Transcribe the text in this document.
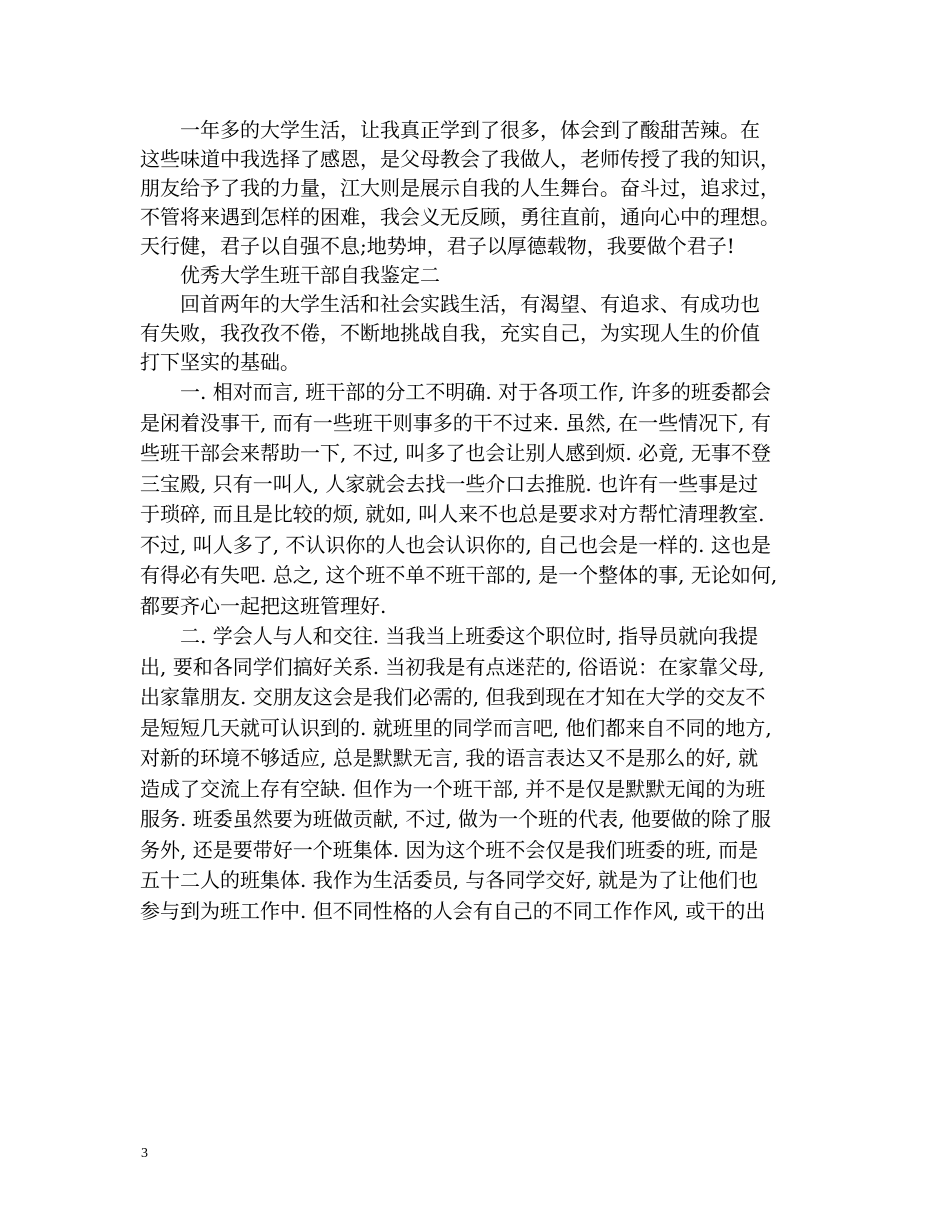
　　一年多的大学生活，让我真正学到了很多，体会到了酸甜苦辣。在
这些味道中我选择了感恩，是父母教会了我做人，老师传授了我的知识，
朋友给予了我的力量，江大则是展示自我的人生舞台。奋斗过，追求过，
不管将来遇到怎样的困难，我会义无反顾，勇往直前，通向心中的理想。
天行健，君子以自强不息;地势坤，君子以厚德载物，我要做个君子!
　　优秀大学生班干部自我鉴定二
　　回首两年的大学生活和社会实践生活，有渴望、有追求、有成功也
有失败，我孜孜不倦，不断地挑战自我，充实自己，为实现人生的价值
打下坚实的基础。
　　一. 相对而言, 班干部的分工不明确. 对于各项工作, 许多的班委都会
是闲着没事干, 而有一些班干则事多的干不过来. 虽然, 在一些情况下, 有
些班干部会来帮助一下, 不过, 叫多了也会让别人感到烦. 必竟, 无事不登
三宝殿, 只有一叫人, 人家就会去找一些介口去推脱. 也许有一些事是过
于琐碎, 而且是比较的烦, 就如, 叫人来不也总是要求对方帮忙清理教室.
不过, 叫人多了, 不认识你的人也会认识你的, 自己也会是一样的. 这也是
有得必有失吧. 总之, 这个班不单不班干部的, 是一个整体的事, 无论如何,
都要齐心一起把这班管理好.
　　二. 学会人与人和交往. 当我当上班委这个职位时, 指导员就向我提
出, 要和各同学们搞好关系. 当初我是有点迷茫的, 俗语说：在家靠父母,
出家靠朋友. 交朋友这会是我们必需的, 但我到现在才知在大学的交友不
是短短几天就可认识到的. 就班里的同学而言吧, 他们都来自不同的地方,
对新的环境不够适应, 总是默默无言, 我的语言表达又不是那么的好, 就
造成了交流上存有空缺. 但作为一个班干部, 并不是仅是默默无闻的为班
服务. 班委虽然要为班做贡献, 不过, 做为一个班的代表, 他要做的除了服
务外, 还是要带好一个班集体. 因为这个班不会仅是我们班委的班, 而是
五十二人的班集体. 我作为生活委员, 与各同学交好, 就是为了让他们也
参与到为班工作中. 但不同性格的人会有自己的不同工作作风, 或干的出
3
